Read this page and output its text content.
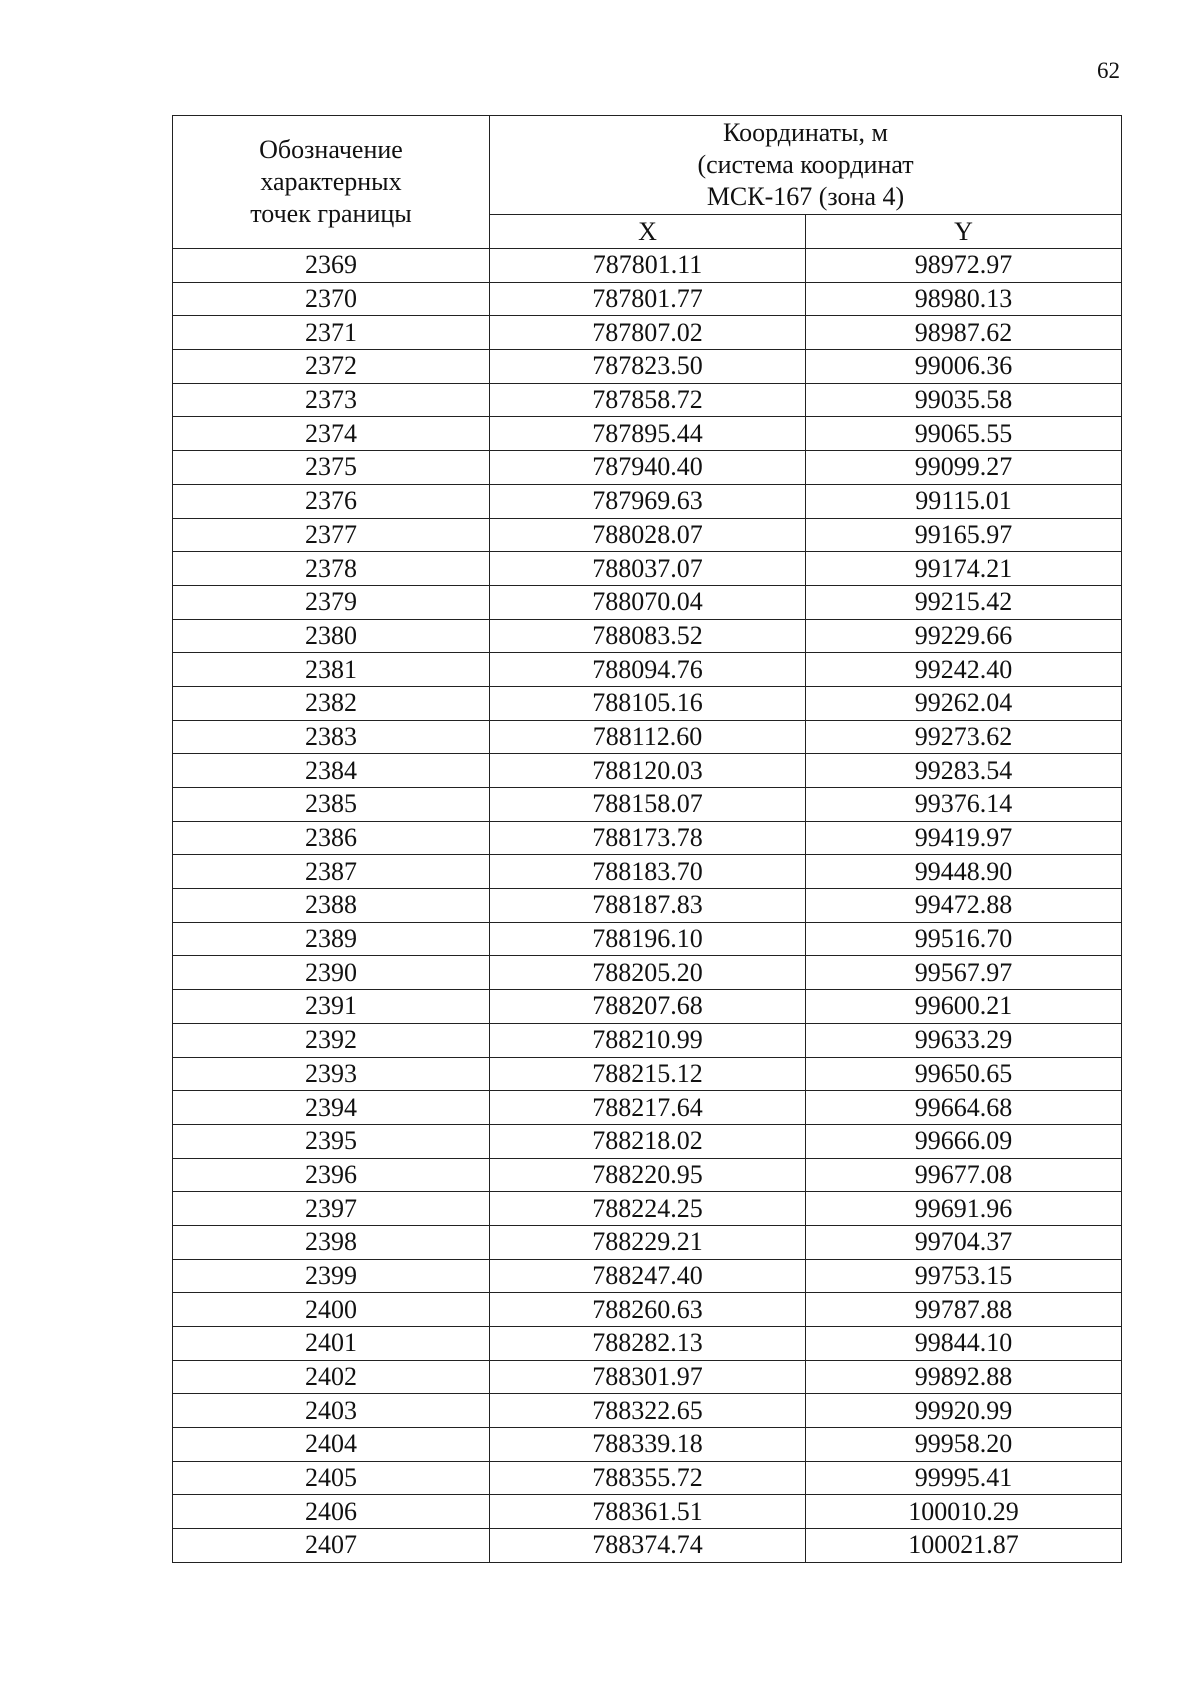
62
Обозначение
характерных
точек границы	Координаты, м
(система координат
МСК-167 (зона 4)	

	X	Y
2369	787801.11	98972.97
2370	787801.77	98980.13
2371	787807.02	98987.62
2372	787823.50	99006.36
2373	787858.72	99035.58
2374	787895.44	99065.55
2375	787940.40	99099.27
2376	787969.63	99115.01
2377	788028.07	99165.97
2378	788037.07	99174.21
2379	788070.04	99215.42
2380	788083.52	99229.66
2381	788094.76	99242.40
2382	788105.16	99262.04
2383	788112.60	99273.62
2384	788120.03	99283.54
2385	788158.07	99376.14
2386	788173.78	99419.97
2387	788183.70	99448.90
2388	788187.83	99472.88
2389	788196.10	99516.70
2390	788205.20	99567.97
2391	788207.68	99600.21
2392	788210.99	99633.29
2393	788215.12	99650.65
2394	788217.64	99664.68
2395	788218.02	99666.09
2396	788220.95	99677.08
2397	788224.25	99691.96
2398	788229.21	99704.37
2399	788247.40	99753.15
2400	788260.63	99787.88
2401	788282.13	99844.10
2402	788301.97	99892.88
2403	788322.65	99920.99
2404	788339.18	99958.20
2405	788355.72	99995.41
2406	788361.51	100010.29
2407	788374.74	100021.87
